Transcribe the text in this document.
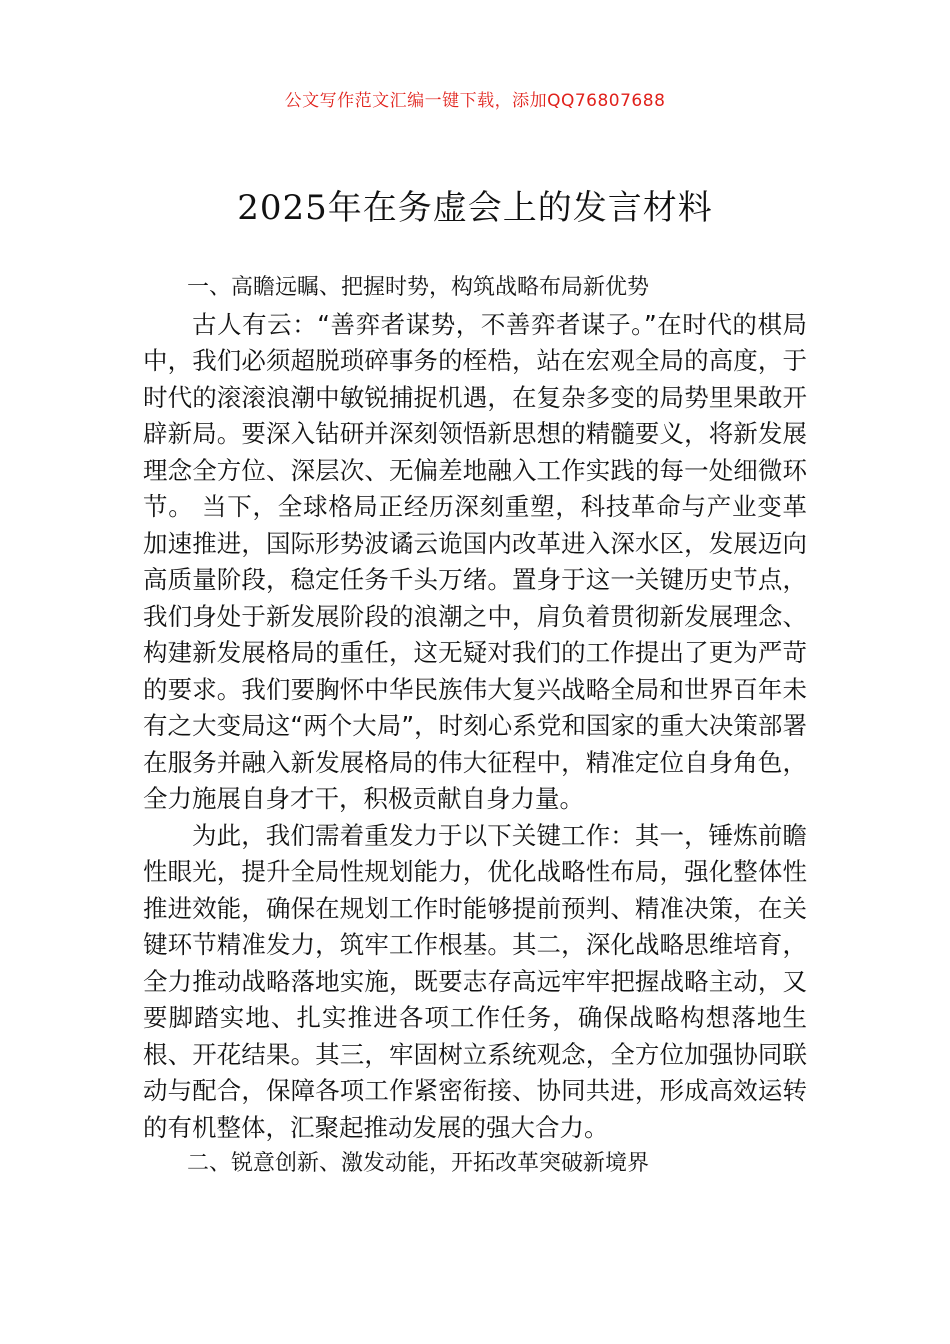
公文写作范文汇编一键下载，添加QQ76807688
2025年在务虚会上的发言材料

一、高瞻远瞩、把握时势，构筑战略布局新优势

古人有云：“善弈者谋势，不善弈者谋子。”在时代的棋局中，我们必须超脱琐碎事务的桎梏，站在宏观全局的高度，于时代的滚滚浪潮中敏锐捕捉机遇，在复杂多变的局势里果敢开辟新局。要深入钻研并深刻领悟新思想的精髓要义，将新发展理念全方位、深层次、无偏差地融入工作实践的每一处细微环节。 当下，全球格局正经历深刻重塑，科技革命与产业变革加速推进，国际形势波谲云诡国内改革进入深水区，发展迈向高质量阶段，稳定任务千头万绪。置身于这一关键历史节点，我们身处于新发展阶段的浪潮之中，肩负着贯彻新发展理念、构建新发展格局的重任，这无疑对我们的工作提出了更为严苛的要求。我们要胸怀中华民族伟大复兴战略全局和世界百年未有之大变局这“两个大局”，时刻心系党和国家的重大决策部署在服务并融入新发展格局的伟大征程中，精准定位自身角色，全力施展自身才干，积极贡献自身力量。

为此，我们需着重发力于以下关键工作：其一，锤炼前瞻性眼光，提升全局性规划能力，优化战略性布局，强化整体性推进效能，确保在规划工作时能够提前预判、精准决策，在关键环节精准发力，筑牢工作根基。其二，深化战略思维培育，全力推动战略落地实施，既要志存高远牢牢把握战略主动，又要脚踏实地、扎实推进各项工作任务，确保战略构想落地生根、开花结果。其三，牢固树立系统观念，全方位加强协同联动与配合，保障各项工作紧密衔接、协同共进，形成高效运转的有机整体，汇聚起推动发展的强大合力。

二、锐意创新、激发动能，开拓改革突破新境界
